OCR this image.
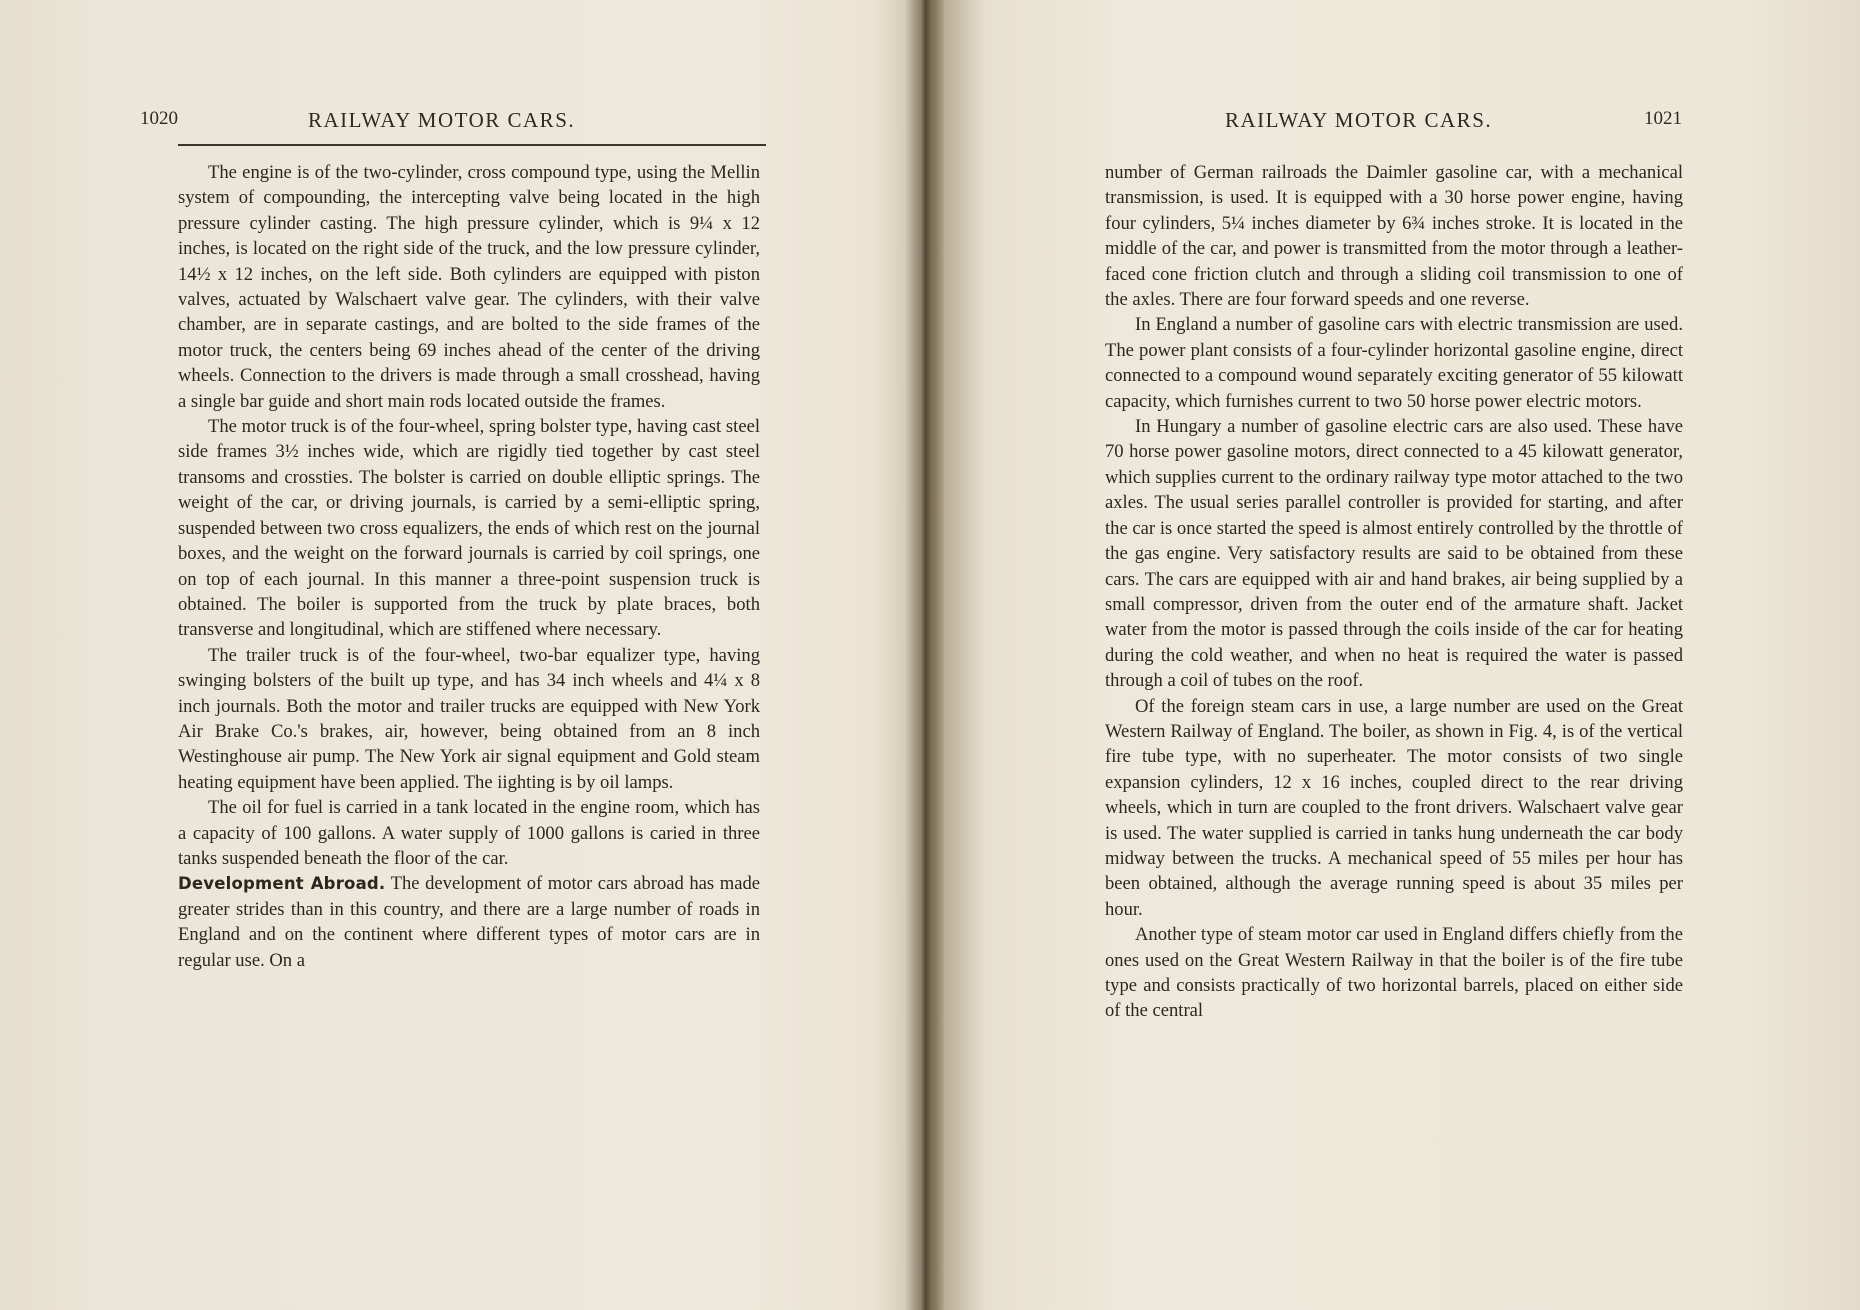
1020	RAILWAY MOTOR CARS.

The engine is of the two-cylinder, cross compound type, using the Mellin system of compounding, the intercepting valve being located in the high pressure cylinder casting. The high pressure cylinder, which is 9¼ x 12 inches, is located on the right side of the truck, and the low pressure cylinder, 14½ x 12 inches, on the left side. Both cylinders are equipped with piston valves, actuated by Walschaert valve gear. The cylinders, with their valve chamber, are in separate castings, and are bolted to the side frames of the motor truck, the centers being 69 inches ahead of the center of the driving wheels. Connection to the drivers is made through a small crosshead, having a single bar guide and short main rods located outside the frames.

The motor truck is of the four-wheel, spring bolster type, having cast steel side frames 3½ inches wide, which are rigidly tied together by cast steel transoms and crossties. The bolster is carried on double elliptic springs. The weight of the car, or driving journals, is carried by a semi-elliptic spring, suspended between two cross equalizers, the ends of which rest on the journal boxes, and the weight on the forward journals is carried by coil springs, one on top of each journal. In this manner a three-point suspension truck is obtained. The boiler is supported from the truck by plate braces, both transverse and longitudinal, which are stiffened where necessary.

The trailer truck is of the four-wheel, two-bar equalizer type, having swinging bolsters of the built up type, and has 34 inch wheels and 4¼ x 8 inch journals. Both the motor and trailer trucks are equipped with New York Air Brake Co.'s brakes, air, however, being obtained from an 8 inch Westinghouse air pump. The New York air signal equipment and Gold steam heating equipment have been applied. The iighting is by oil lamps.

The oil for fuel is carried in a tank located in the engine room, which has a capacity of 100 gallons. A water supply of 1000 gallons is caried in three tanks suspended beneath the floor of the car.

Development Abroad. The development of motor cars abroad has made greater strides than in this country, and there are a large number of roads in England and on the continent where different types of motor cars are in regular use. On a

RAILWAY MOTOR CARS.	1021

number of German railroads the Daimler gasoline car, with a mechanical transmission, is used. It is equipped with a 30 horse power engine, having four cylinders, 5¼ inches diameter by 6¾ inches stroke. It is located in the middle of the car, and power is transmitted from the motor through a leather-faced cone friction clutch and through a sliding coil transmission to one of the axles. There are four forward speeds and one reverse.

In England a number of gasoline cars with electric transmission are used. The power plant consists of a four-cylinder horizontal gasoline engine, direct connected to a compound wound separately exciting generator of 55 kilowatt capacity, which furnishes current to two 50 horse power electric motors.

In Hungary a number of gasoline electric cars are also used. These have 70 horse power gasoline motors, direct connected to a 45 kilowatt generator, which supplies current to the ordinary railway type motor attached to the two axles. The usual series parallel controller is provided for starting, and after the car is once started the speed is almost entirely controlled by the throttle of the gas engine. Very satisfactory results are said to be obtained from these cars. The cars are equipped with air and hand brakes, air being supplied by a small compressor, driven from the outer end of the armature shaft. Jacket water from the motor is passed through the coils inside of the car for heating during the cold weather, and when no heat is required the water is passed through a coil of tubes on the roof.

Of the foreign steam cars in use, a large number are used on the Great Western Railway of England. The boiler, as shown in Fig. 4, is of the vertical fire tube type, with no superheater. The motor consists of two single expansion cylinders, 12 x 16 inches, coupled direct to the rear driving wheels, which in turn are coupled to the front drivers. Walschaert valve gear is used. The water supplied is carried in tanks hung underneath the car body midway between the trucks. A mechanical speed of 55 miles per hour has been obtained, although the average running speed is about 35 miles per hour.

Another type of steam motor car used in England differs chiefly from the ones used on the Great Western Railway in that the boiler is of the fire tube type and consists practically of two horizontal barrels, placed on either side of the central
